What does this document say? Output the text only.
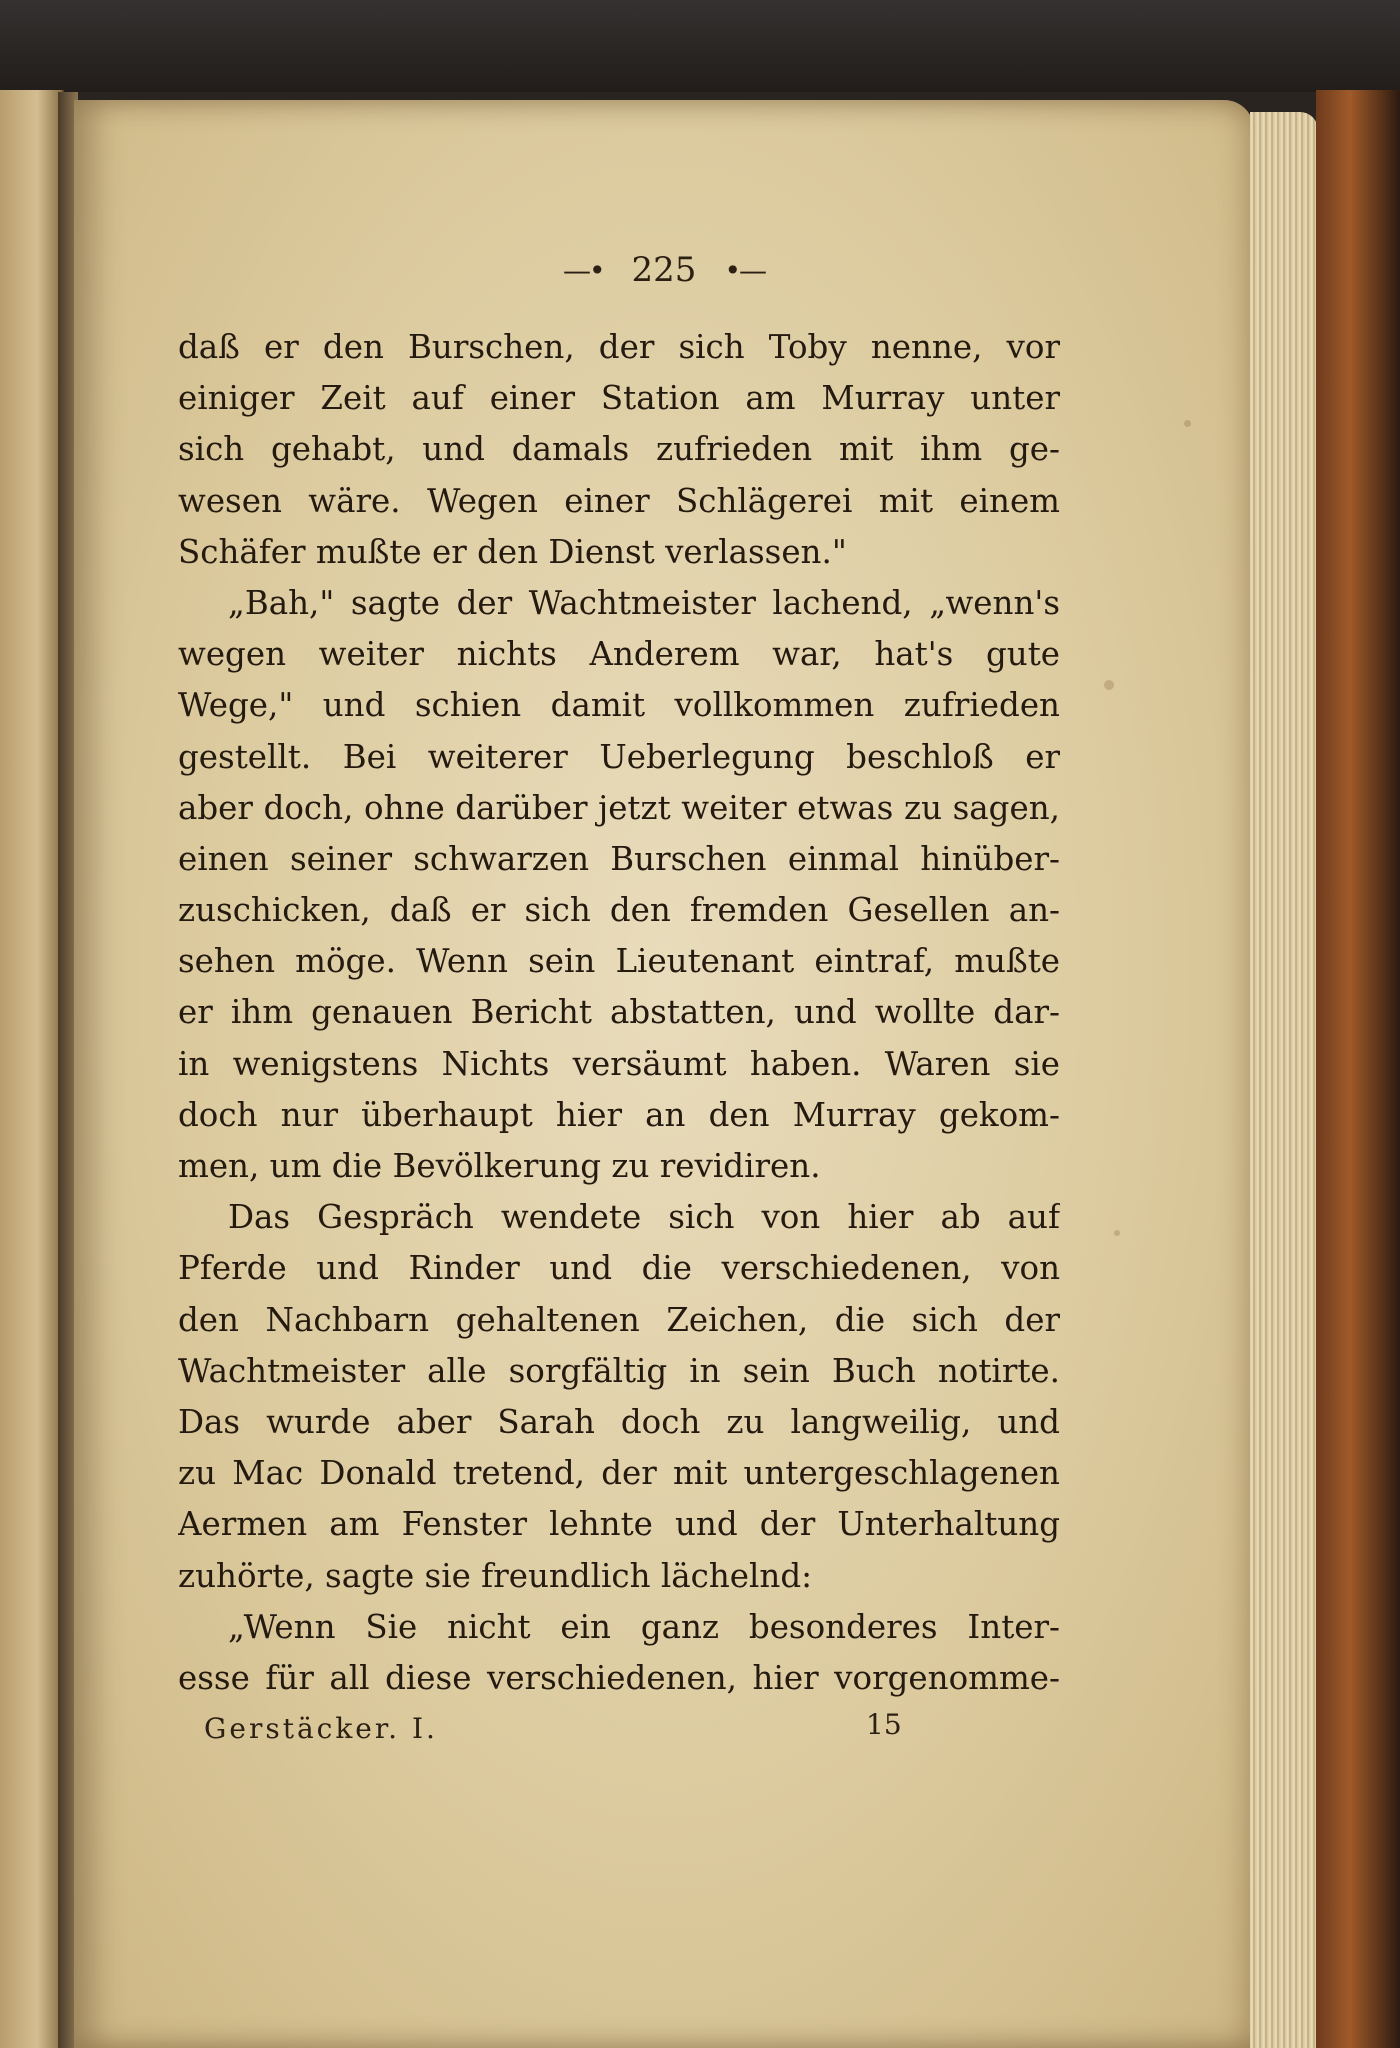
—• 225 •—
daß er den Burschen, der sich Toby nenne, vor
einiger Zeit auf einer Station am Murray unter
sich gehabt, und damals zufrieden mit ihm ge-
wesen wäre. Wegen einer Schlägerei mit einem
Schäfer mußte er den Dienst verlassen."
„Bah," sagte der Wachtmeister lachend, „wenn's
wegen weiter nichts Anderem war, hat's gute
Wege," und schien damit vollkommen zufrieden
gestellt. Bei weiterer Ueberlegung beschloß er
aber doch, ohne darüber jetzt weiter etwas zu sagen,
einen seiner schwarzen Burschen einmal hinüber-
zuschicken, daß er sich den fremden Gesellen an-
sehen möge. Wenn sein Lieutenant eintraf, mußte
er ihm genauen Bericht abstatten, und wollte dar-
in wenigstens Nichts versäumt haben. Waren sie
doch nur überhaupt hier an den Murray gekom-
men, um die Bevölkerung zu revidiren.
Das Gespräch wendete sich von hier ab auf
Pferde und Rinder und die verschiedenen, von
den Nachbarn gehaltenen Zeichen, die sich der
Wachtmeister alle sorgfältig in sein Buch notirte.
Das wurde aber Sarah doch zu langweilig, und
zu Mac Donald tretend, der mit untergeschlagenen
Aermen am Fenster lehnte und der Unterhaltung
zuhörte, sagte sie freundlich lächelnd:
„Wenn Sie nicht ein ganz besonderes Inter-
esse für all diese verschiedenen, hier vorgenomme-
Gerstäcker. I.	15
